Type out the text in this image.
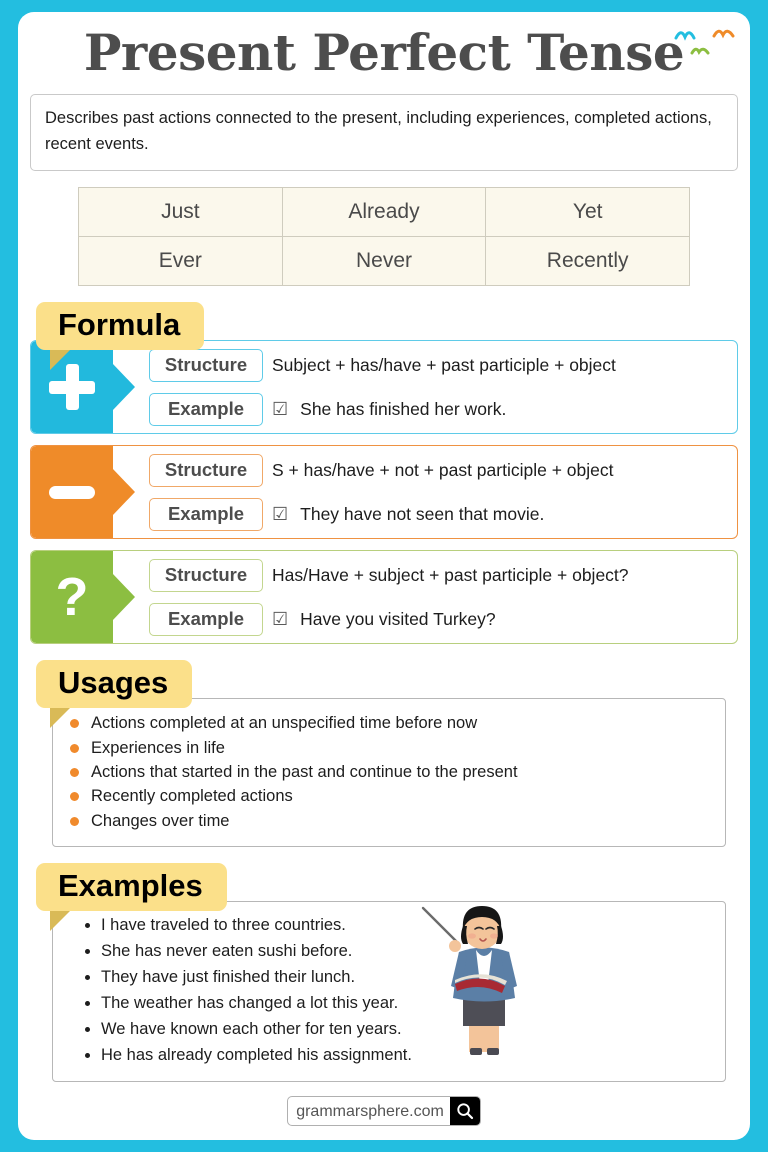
Present Perfect Tense
Describes past actions connected to the present, including experiences, completed actions, recent events.
Just	Already	Yet
Ever	Never	Recently
Formula
Structure	Subject + has/have + past participle + object
Example	☑ She has finished her work.
Structure	S + has/have + not + past participle + object
Example	☑ They have not seen that movie.
?	Structure	Has/Have + subject + past participle + object?
Example	☑ Have you visited Turkey?
Usages
Actions completed at an unspecified time before now
Experiences in life
Actions that started in the past and continue to the present
Recently completed actions
Changes over time
Examples
I have traveled to three countries.
She has never eaten sushi before.
They have just finished their lunch.
The weather has changed a lot this year.
We have known each other for ten years.
He has already completed his assignment.
grammarsphere.com
